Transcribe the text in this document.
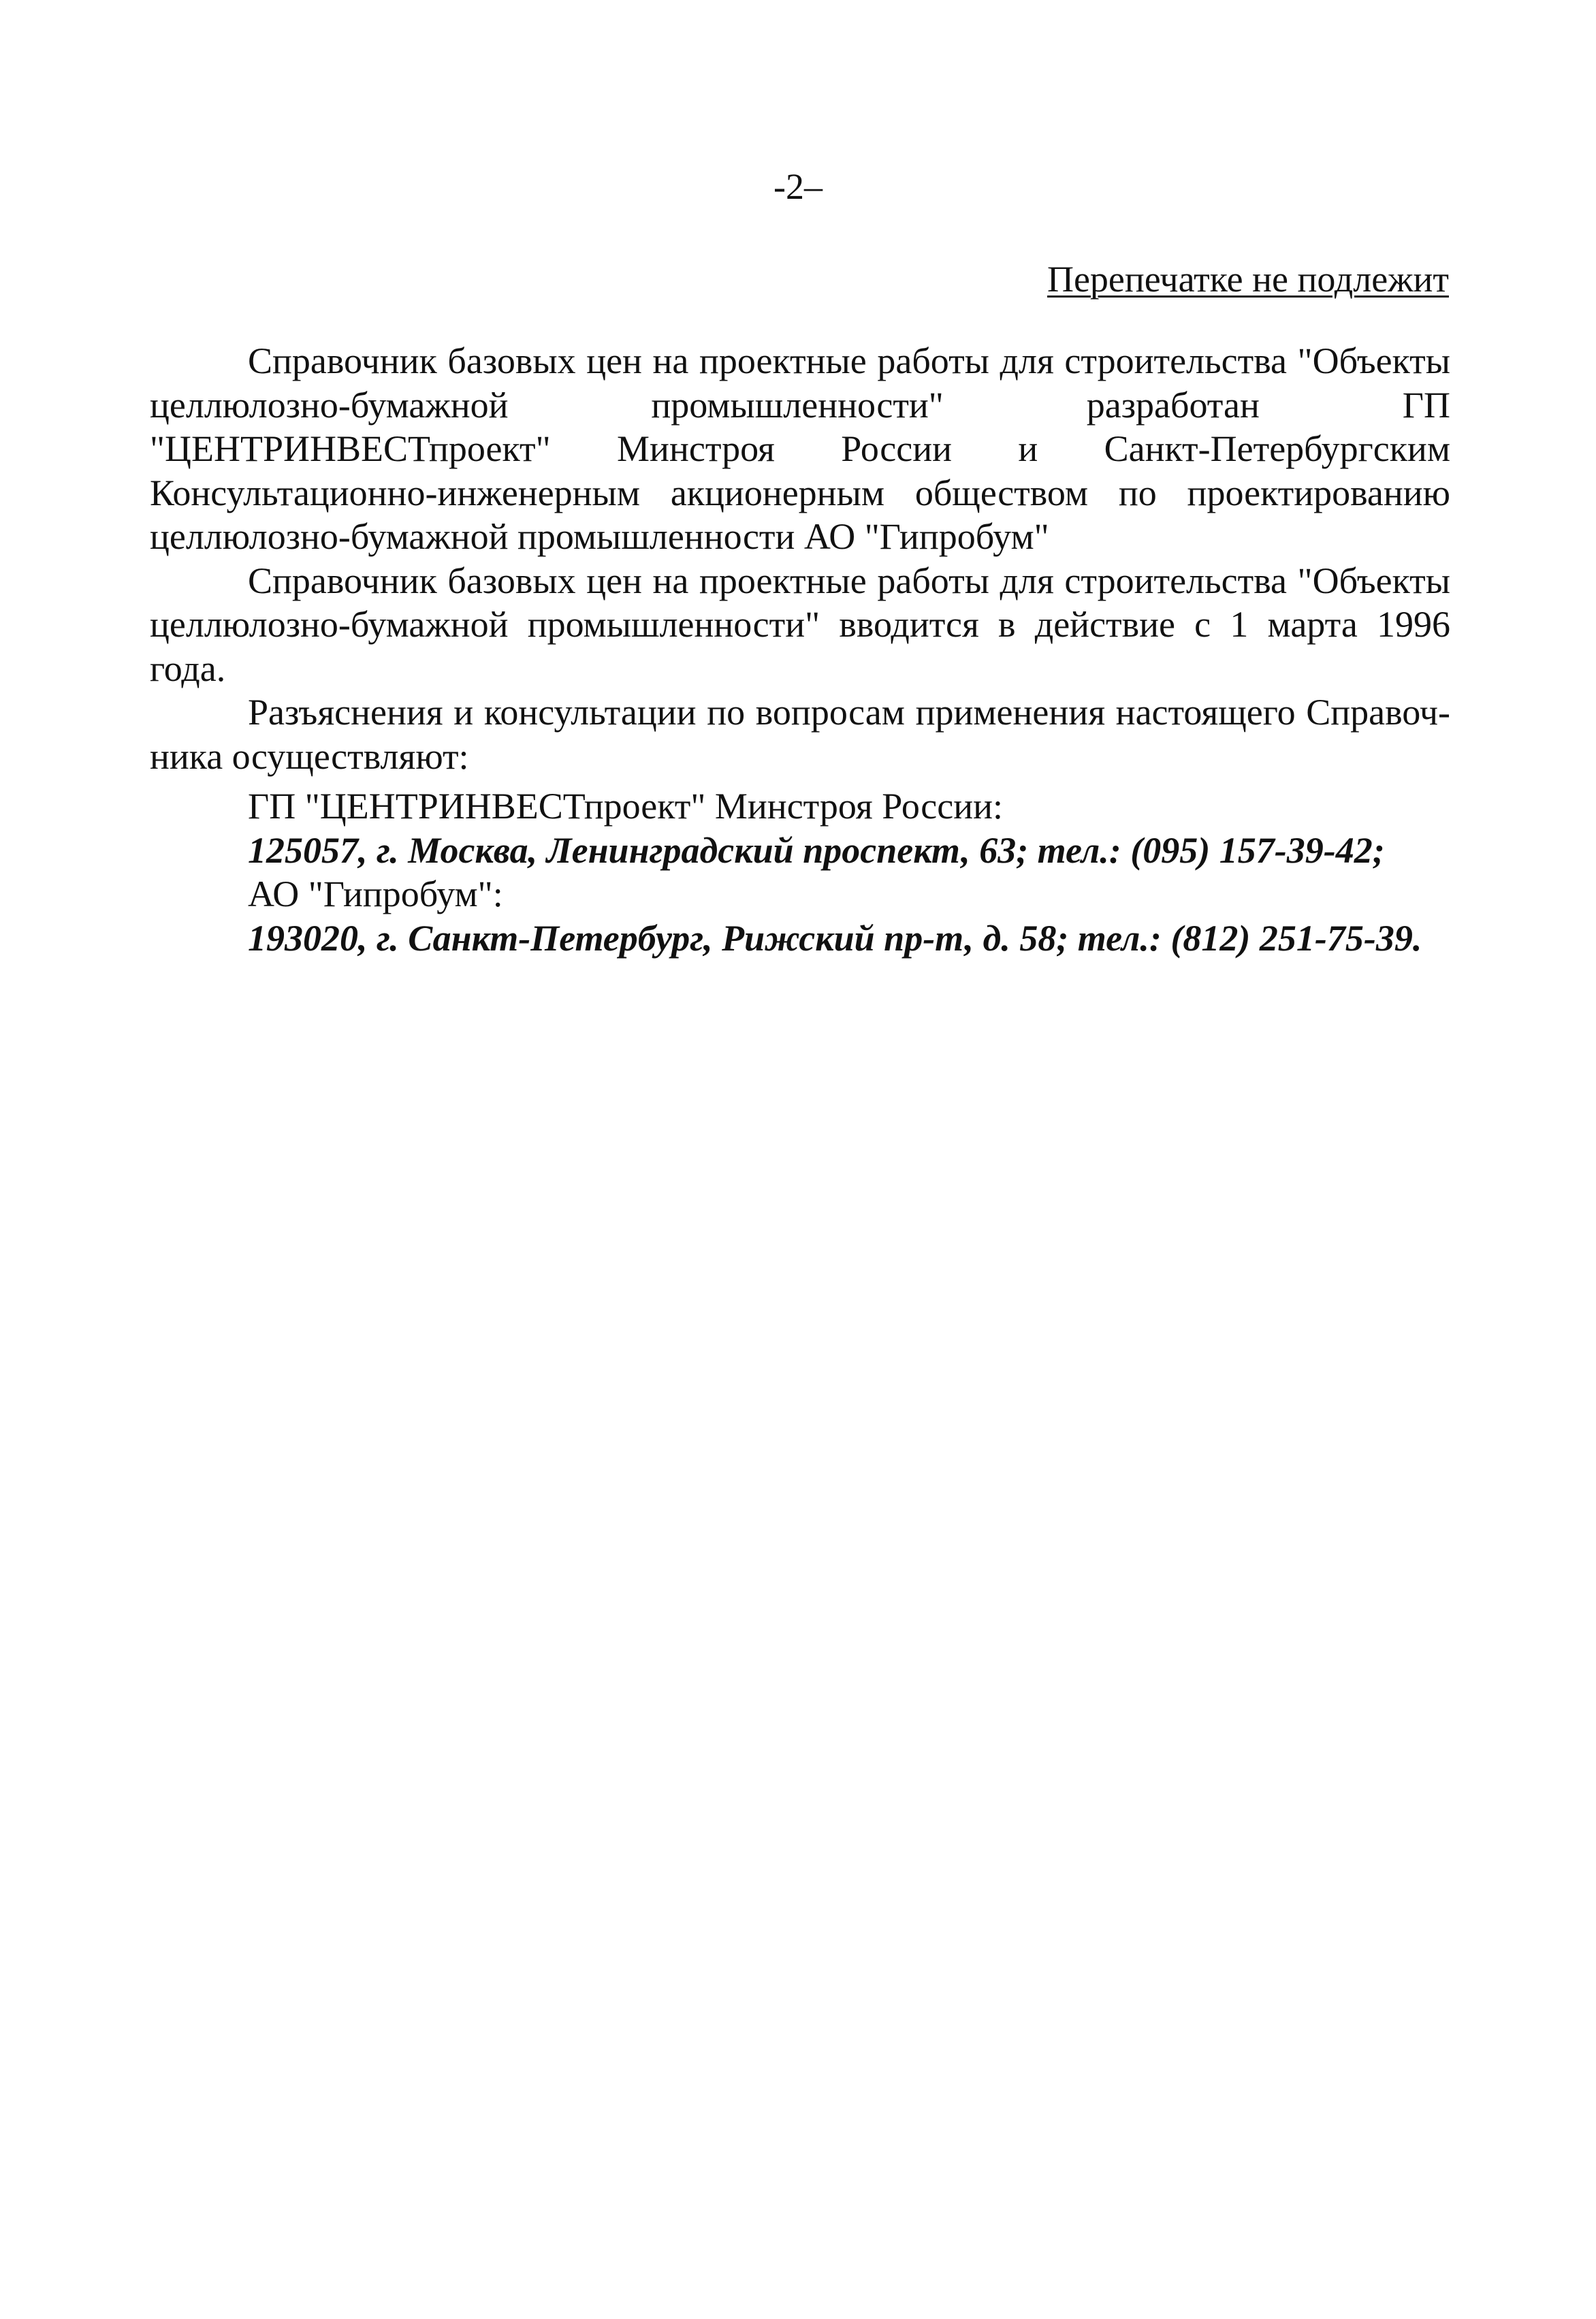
-2–
Перепечатке не подлежит

Справочник базовых цен на проектные работы для строительства "Объекты целлюлозно-бумажной промышленности" разработан ГП "ЦЕНТРИНВЕСТпроект" Минстроя России и Санкт-Петербургским Консультационно-инженерным акционерным обществом по проектированию целлюлозно-бумажной промышленности АО "Гипробум"

Справочник базовых цен на проектные работы для строительства "Объекты целлюлозно-бумажной промышленности" вводится в действие с 1 марта 1996 года.

Разъяснения и консультации по вопросам применения настоящего Справочника осуществляют:

ГП "ЦЕНТРИНВЕСТпроект" Минстроя России:
125057, г. Москва, Ленинградский проспект, 63; тел.: (095) 157-39-42;
АО "Гипробум":
193020, г. Санкт-Петербург, Рижский пр-т, д. 58; тел.: (812) 251-75-39.
